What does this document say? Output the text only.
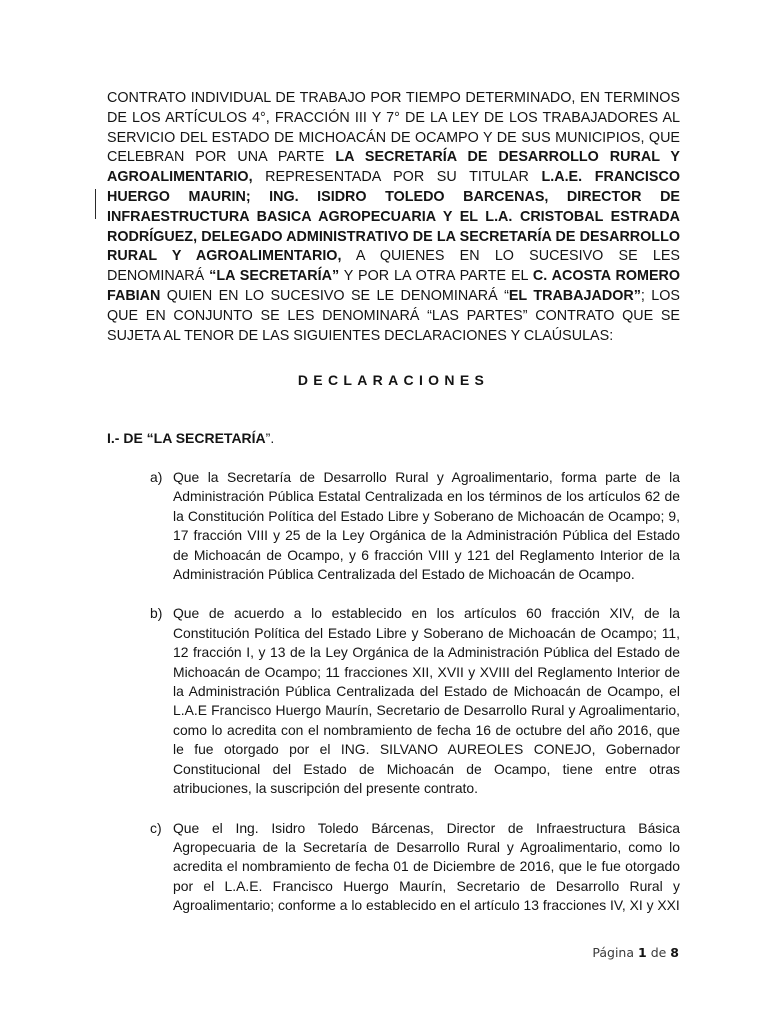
CONTRATO INDIVIDUAL DE TRABAJO POR TIEMPO DETERMINADO, EN TERMINOS DE LOS ARTÍCULOS 4°, FRACCIÓN III Y 7° DE LA LEY DE LOS TRABAJADORES AL SERVICIO DEL ESTADO DE MICHOACÁN DE OCAMPO Y DE SUS MUNICIPIOS, QUE CELEBRAN POR UNA PARTE LA SECRETARÍA DE DESARROLLO RURAL Y AGROALIMENTARIO, REPRESENTADA POR SU TITULAR L.A.E. FRANCISCO HUERGO MAURIN; ING. ISIDRO TOLEDO BARCENAS, DIRECTOR DE INFRAESTRUCTURA BASICA AGROPECUARIA Y EL L.A. CRISTOBAL ESTRADA RODRÍGUEZ, DELEGADO ADMINISTRATIVO DE LA SECRETARÍA DE DESARROLLO RURAL Y AGROALIMENTARIO, A QUIENES EN LO SUCESIVO SE LES DENOMINARÁ “LA SECRETARÍA” Y POR LA OTRA PARTE EL C. ACOSTA ROMERO FABIAN QUIEN EN LO SUCESIVO SE LE DENOMINARÁ “EL TRABAJADOR”; LOS QUE EN CONJUNTO SE LES DENOMINARÁ “LAS PARTES” CONTRATO QUE SE SUJETA AL TENOR DE LAS SIGUIENTES DECLARACIONES Y CLAÚSULAS:

DECLARACIONES

I.- DE “LA SECRETARÍA”.

a) Que la Secretaría de Desarrollo Rural y Agroalimentario, forma parte de la Administración Pública Estatal Centralizada en los términos de los artículos 62 de la Constitución Política del Estado Libre y Soberano de Michoacán de Ocampo; 9, 17 fracción VIII y 25 de la Ley Orgánica de la Administración Pública del Estado de Michoacán de Ocampo, y 6 fracción VIII y 121 del Reglamento Interior de la Administración Pública Centralizada del Estado de Michoacán de Ocampo.
b) Que de acuerdo a lo establecido en los artículos 60 fracción XIV, de la Constitución Política del Estado Libre y Soberano de Michoacán de Ocampo; 11, 12 fracción I, y 13 de la Ley Orgánica de la Administración Pública del Estado de Michoacán de Ocampo; 11 fracciones XII, XVII y XVIII del Reglamento Interior de la Administración Pública Centralizada del Estado de Michoacán de Ocampo, el L.A.E Francisco Huergo Maurín, Secretario de Desarrollo Rural y Agroalimentario, como lo acredita con el nombramiento de fecha 16 de octubre del año 2016, que le fue otorgado por el ING. SILVANO AUREOLES CONEJO, Gobernador Constitucional del Estado de Michoacán de Ocampo, tiene entre otras atribuciones, la suscripción del presente contrato.
c) Que el Ing. Isidro Toledo Bárcenas, Director de Infraestructura Básica Agropecuaria de la Secretaría de Desarrollo Rural y Agroalimentario, como lo acredita el nombramiento de fecha 01 de Diciembre de 2016, que le fue otorgado por el L.A.E. Francisco Huergo Maurín, Secretario de Desarrollo Rural y Agroalimentario; conforme a lo establecido en el artículo 13 fracciones IV, XI y XXI
Página 1 de 8
